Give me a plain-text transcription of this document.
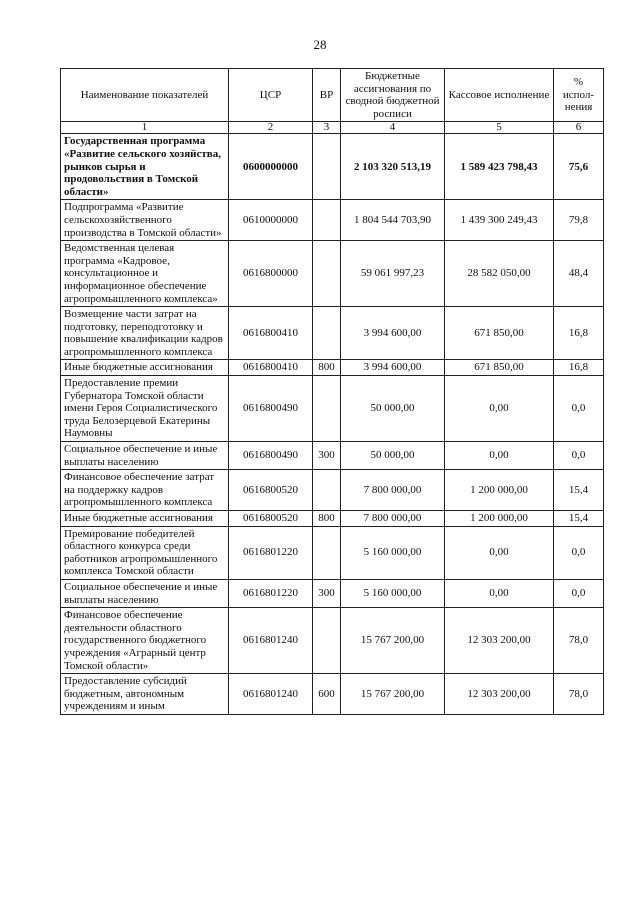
28
Наименование показателей	ЦСР	ВР	Бюджетные ассигнования по сводной бюджетной росписи	Кассовое исполнение	% испол-нения
1	2	3	4	5	6
Государственная программа «Развитие сельского хозяйства, рынков сырья и продовольствия в Томской области»	0600000000		2 103 320 513,19	1 589 423 798,43	75,6
Подпрограмма «Развитие сельскохозяйственного производства в Томской области»	0610000000		1 804 544 703,90	1 439 300 249,43	79,8
Ведомственная целевая программа «Кадровое, консультационное и информационное обеспечение агропромышленного комплекса»	0616800000		59 061 997,23	28 582 050,00	48,4
Возмещение части затрат на подготовку, переподготовку и повышение квалификации кадров агропромышленного комплекса	0616800410		3 994 600,00	671 850,00	16,8
Иные бюджетные ассигнования	0616800410	800	3 994 600,00	671 850,00	16,8
Предоставление премии Губернатора Томской области имени Героя Социалистического труда Белозерцевой Екатерины Наумовны	0616800490		50 000,00	0,00	0,0
Социальное обеспечение и иные выплаты населению	0616800490	300	50 000,00	0,00	0,0
Финансовое обеспечение затрат на поддержку кадров агропромышленного комплекса	0616800520		7 800 000,00	1 200 000,00	15,4
Иные бюджетные ассигнования	0616800520	800	7 800 000,00	1 200 000,00	15,4
Премирование победителей областного конкурса среди работников агропромышленного комплекса Томской области	0616801220		5 160 000,00	0,00	0,0
Социальное обеспечение и иные выплаты населению	0616801220	300	5 160 000,00	0,00	0,0
Финансовое обеспечение деятельности областного государственного бюджетного учреждения «Аграрный центр Томской области»	0616801240		15 767 200,00	12 303 200,00	78,0
Предоставление субсидий бюджетным, автономным учреждениям и иным	0616801240	600	15 767 200,00	12 303 200,00	78,0
